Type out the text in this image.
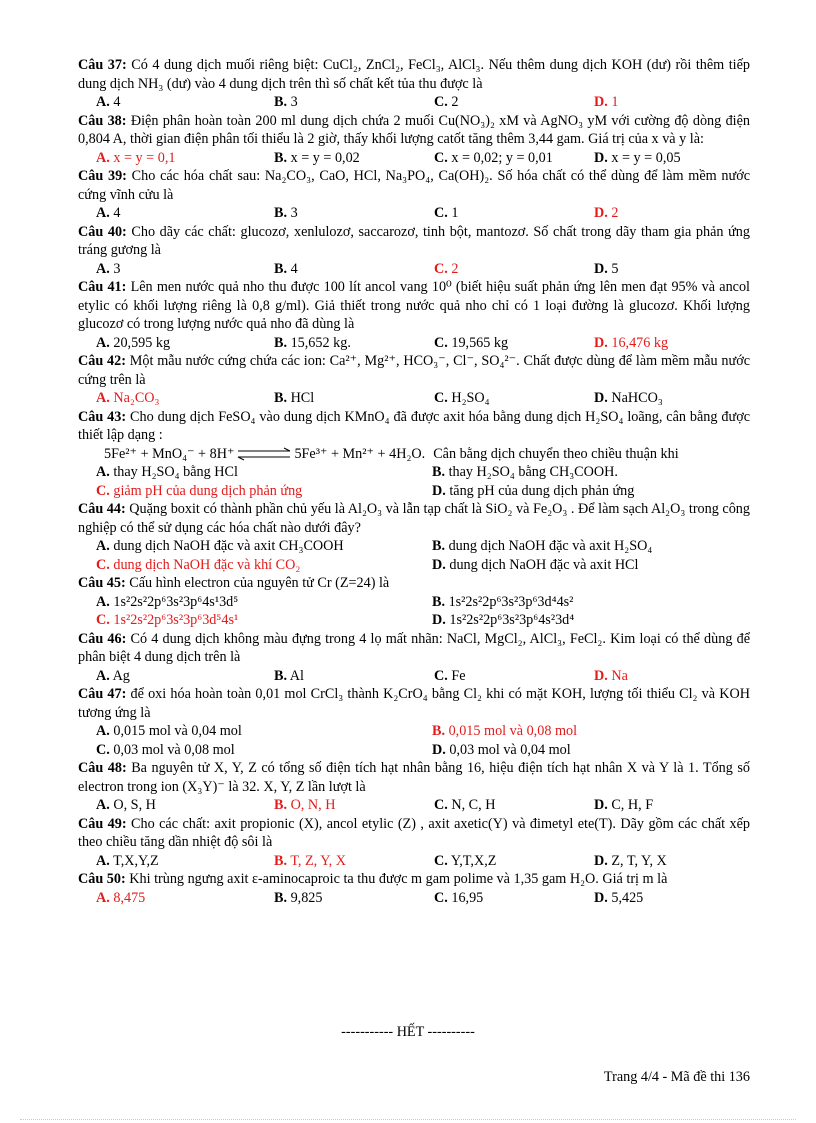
Câu 37: Có 4 dung dịch muối riêng biệt: CuCl₂, ZnCl₂, FeCl₃, AlCl₃. Nếu thêm dung dịch KOH (dư) rồi thêm tiếp dung dịch NH₃ (dư) vào 4 dung dịch trên thì số chất kết tủa thu được là

A. 4	B. 3	C. 2	D. 1

Câu 38: Điện phân hoàn toàn 200 ml dung dịch chứa 2 muối Cu(NO₃)₂ xM và AgNO₃ yM với cường độ dòng điện 0,804 A, thời gian điện phân tối thiểu là 2 giờ, thấy khối lượng catốt tăng thêm 3,44 gam. Giá trị của x và y là:

A. x = y = 0,1	B. x = y = 0,02	C. x = 0,02; y = 0,01	D. x = y = 0,05

Câu 39: Cho các hóa chất sau: Na₂CO₃, CaO, HCl, Na₃PO₄, Ca(OH)₂. Số hóa chất có thể dùng để làm mềm nước cứng vĩnh cửu là

A. 4	B. 3	C. 1	D. 2

Câu 40: Cho dãy các chất: glucozơ, xenlulozơ, saccarozơ, tinh bột, mantozơ. Số chất trong dãy tham gia phản ứng tráng gương là

A. 3	B. 4	C. 2	D. 5

Câu 41: Lên men nước quả nho thu được 100 lít ancol vang 10⁰ (biết hiệu suất phản ứng lên men đạt 95% và ancol etylic có khối lượng riêng là 0,8 g/ml). Giả thiết trong nước quả nho chỉ có 1 loại đường là glucozơ. Khối lượng glucozơ có trong lượng nước quả nho đã dùng là

A. 20,595 kg	B. 15,652 kg.	C. 19,565 kg	D. 16,476 kg

Câu 42: Một mẫu nước cứng chứa các ion: Ca²⁺, Mg²⁺, HCO₃⁻, Cl⁻, SO₄²⁻. Chất được dùng để làm mềm mẫu nước cứng trên là

A. Na₂CO₃	B. HCl	C. H₂SO₄	D. NaHCO₃

Câu 43: Cho dung dịch FeSO₄ vào dung dịch KMnO₄ đã được axit hóa bằng dung dịch H₂SO₄ loãng, cân bằng được thiết lập dạng :

5Fe²⁺ + MnO₄⁻ + 8H⁺ ⇌ 5Fe³⁺ + Mn²⁺ + 4H₂O. Cân bằng dịch chuyển theo chiều thuận khi
A. thay H₂SO₄ bằng HCl	B. thay H₂SO₄ bằng CH₃COOH.
C. giảm pH của dung dịch phản ứng	D. tăng pH của dung dịch phản ứng

Câu 44: Quặng boxit có thành phần chủ yếu là Al₂O₃ và lẫn tạp chất là SiO₂ và Fe₂O₃ . Để làm sạch Al₂O₃ trong công nghiệp có thể sử dụng các hóa chất nào dưới đây?

A. dung dịch NaOH đặc và axit CH₃COOH	B. dung dịch NaOH đặc và axit H₂SO₄
C. dung dịch NaOH đặc và khí CO₂	D. dung dịch NaOH đặc và axit HCl

Câu 45: Cấu hình electron của nguyên tử Cr (Z=24) là

A. 1s²2s²2p⁶3s²3p⁶4s¹3d⁵	B. 1s²2s²2p⁶3s²3p⁶3d⁴4s²
C. 1s²2s²2p⁶3s²3p⁶3d⁵4s¹	D. 1s²2s²2p⁶3s²3p⁶4s²3d⁴

Câu 46: Có 4 dung dịch không màu đựng trong 4 lọ mất nhãn: NaCl, MgCl₂, AlCl₃, FeCl₂. Kim loại có thể dùng để phân biệt 4 dung dịch trên là

A. Ag	B. Al	C. Fe	D. Na

Câu 47: để oxi hóa hoàn toàn 0,01 mol CrCl₃ thành K₂CrO₄ bằng Cl₂ khi có mặt KOH, lượng tối thiểu Cl₂ và KOH tương ứng là

A. 0,015 mol và 0,04 mol	B. 0,015 mol và 0,08 mol
C. 0,03 mol và 0,08 mol	D. 0,03 mol và 0,04 mol

Câu 48: Ba nguyên tử X, Y, Z có tổng số điện tích hạt nhân bằng 16, hiệu điện tích hạt nhân X và Y là 1. Tổng số electron trong ion (X₃Y)⁻ là 32. X, Y, Z lần lượt là

A. O, S, H	B. O, N, H	C. N, C, H	D. C, H, F

Câu 49: Cho các chất: axit propionic (X), ancol etylic (Z) , axit axetic(Y) và đimetyl ete(T). Dãy gồm các chất xếp theo chiều tăng dần nhiệt độ sôi là

A. T,X,Y,Z	B. T, Z, Y, X	C. Y,T,X,Z	D. Z, T, Y, X

Câu 50: Khi trùng ngưng axit ε-aminocaproic ta thu được m gam polime và 1,35 gam H₂O. Giá trị m là

A. 8,475	B. 9,825	C. 16,95	D. 5,425
----------- HẾT ----------
Trang 4/4 - Mã đề thi 136
